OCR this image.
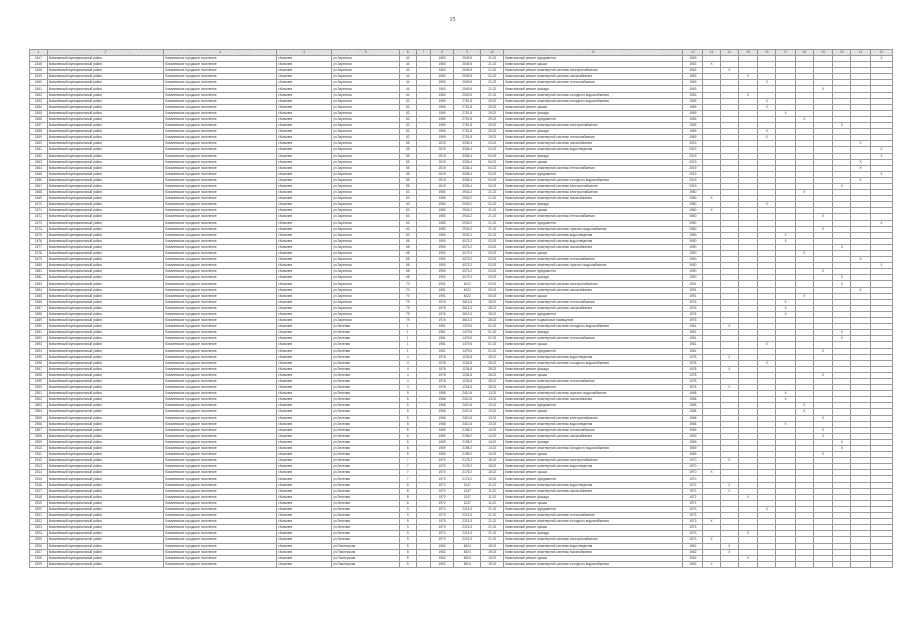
15
1	2	3	4	5	6	7	8	9	10	11	12	13	14	15	16	17	18	19	20	21	22
2447	Ковалевский муниципальный район	Ковалевское городское поселение	г.Ковалев	ул.Заречная	44		1963	2549.5	21.02	Капитальный ремонт фундамента	1963										X
2446	Ковалевский муниципальный район	Ковалевское городское поселение	г.Ковалев	ул.Заречная	44		1963	2549.5	21.02	Капитальный ремонт крыши	1963	X									
2448	Ковалевский муниципальный район	Ковалевское городское поселение	г.Ковалев	ул.Заречная	44		1963	2549.5	21.02	Капитальный ремонт инженерной системы электроснабжения	1963		X								
2449	Ковалевский муниципальный район	Ковалевское городское поселение	г.Ковалев	ул.Заречная	44		1963	2549.5	21.02	Капитальный ремонт инженерной системы газоснабжения	1963			X							
2450	Ковалевский муниципальный район	Ковалевское городское поселение	г.Ковалев	ул.Заречная	44		1963	2549.5	21.02	Капитальный ремонт инженерной системы теплоснабжения	1963				X						
2451	Ковалевский муниципальный район	Ковалевское городское поселение	г.Ковалев	ул.Заречная	44		1963	2549.5	21.02	Капитальный ремонт фасада	1963							X			
2452	Ковалевский муниципальный район	Ковалевское городское поселение	г.Ковалев	ул.Заречная	44		1963	2549.5	21.02	Капитальный ремонт инженерной системы холодного водоснабжения	1963			X							
2453	Ковалевский муниципальный район	Ковалевское городское поселение	г.Ковалев	ул.Заречная	52		1969	2751.8	29.02	Капитальный ремонт инженерной системы холодного водоснабжения	1969				X						
2454	Ковалевский муниципальный район	Ковалевское городское поселение	г.Ковалев	ул.Заречная	52		1969	2751.8	29.02	Капитальный ремонт крыши	1969				X						
2455	Ковалевский муниципальный район	Ковалевское городское поселение	г.Ковалев	ул.Заречная	52		1969	2751.8	29.02	Капитальный ремонт фасада	1969					X					
2456	Ковалевский муниципальный район	Ковалевское городское поселение	г.Ковалев	ул.Заречная	52		1969	2751.8	29.02	Капитальный ремонт фундамента	1969						X				
2457	Ковалевский муниципальный район	Ковалевское городское поселение	г.Ковалев	ул.Заречная	52		1969	2751.8	29.02	Капитальный ремонт инженерной системы электроснабжения	1969								X		
2458	Ковалевский муниципальный район	Ковалевское городское поселение	г.Ковалев	ул.Заречная	52		1969	2751.8	29.02	Капитальный ремонт фасада	1969				X						
2459	Ковалевский муниципальный район	Ковалевское городское поселение	г.Ковалев	ул.Заречная	52		1969	2751.8	29.02	Капитальный ремонт инженерной системы теплоснабжения	1969				X						
2460	Ковалевский муниципальный район	Ковалевское городское поселение	г.Ковалев	ул.Заречная	55		2019	3336.4	04.02	Капитальный ремонт инженерной системы газоснабжения	2019									X	
2461	Ковалевский муниципальный район	Ковалевское городское поселение	г.Ковалев	ул.Заречная	55		2019	3336.4	04.02	Капитальный ремонт инженерной системы водоотведения	2019										X
2462	Ковалевский муниципальный район	Ковалевское городское поселение	г.Ковалев	ул.Заречная	55		2019	3336.4	04.02	Капитальный ремонт фасада	2019										X
2463	Ковалевский муниципальный район	Ковалевское городское поселение	г.Ковалев	ул.Заречная	55		2019	3336.4	04.02	Капитальный ремонт крыши	2019									X	
2464	Ковалевский муниципальный район	Ковалевское городское поселение	г.Ковалев	ул.Заречная	55		2019	3336.4	04.02	Капитальный ремонт инженерной системы теплоснабжения	2019									X	
2465	Ковалевский муниципальный район	Ковалевское городское поселение	г.Ковалев	ул.Заречная	55		2019	3336.4	04.02	Капитальный ремонт фундамента	2019										X
2466	Ковалевский муниципальный район	Ковалевское городское поселение	г.Ковалев	ул.Заречная	55		2019	3336.4	04.02	Капитальный ремонт инженерной системы холодного водоснабжения	2019									X	
2467	Ковалевский муниципальный район	Ковалевское городское поселение	г.Ковалев	ул.Заречная	55		2019	3336.4	04.02	Капитальный ремонт инженерной системы электроснабжения	2019								X		
2468	Ковалевский муниципальный район	Ковалевское городское поселение	г.Ковалев	ул.Заречная	63		1980	2943.2	21.02	Капитальный ремонт инженерной системы электроснабжения	1980						X				
2469	Ковалевский муниципальный район	Ковалевское городское поселение	г.Ковалев	ул.Заречная	63		1980	2943.2	21.02	Капитальный ремонт инженерной системы газоснабжения	1980	X									
2470	Ковалевский муниципальный район	Ковалевское городское поселение	г.Ковалев	ул.Заречная	63		1980	2943.2	21.02	Капитальный ремонт фасада	1980				X						
2471	Ковалевский муниципальный район	Ковалевское городское поселение	г.Ковалев	ул.Заречная	63		1980	2943.2	21.02	Капитальный ремонт крыши	1980	X									
2472	Ковалевский муниципальный район	Ковалевское городское поселение	г.Ковалев	ул.Заречная	63		1980	2943.2	21.02	Капитальный ремонт инженерной системы теплоснабжения	1980							X			
2473	Ковалевский муниципальный район	Ковалевское городское поселение	г.Ковалев	ул.Заречная	63		1980	2943.2	21.02	Капитальный ремонт фундамента	1980										X
2474	Ковалевский муниципальный район	Ковалевское городское поселение	г.Ковалев	ул.Заречная	63		1980	2943.2	21.02	Капитальный ремонт инженерной системы горячего водоснабжения	1980							X			
2475	Ковалевский муниципальный район	Ковалевское городское поселение	г.Ковалев	ул.Заречная	63		1980	2943.2	21.02	Капитальный ремонт инженерной системы водоотведения	1980					X					
2476	Ковалевский муниципальный район	Ковалевское городское поселение	г.Ковалев	ул.Заречная	68		1990	4073.2	03.02	Капитальный ремонт инженерной системы водоотведения	1990					X					
2477	Ковалевский муниципальный район	Ковалевское городское поселение	г.Ковалев	ул.Заречная	68		1990	4073.2	03.02	Капитальный ремонт инженерной системы газоснабжения	1990								X		
2478	Ковалевский муниципальный район	Ковалевское городское поселение	г.Ковалев	ул.Заречная	68		1990	4073.2	03.02	Капитальный ремонт крыши	1990						X				
2479	Ковалевский муниципальный район	Ковалевское городское поселение	г.Ковалев	ул.Заречная	68		1990	4073.2	03.02	Капитальный ремонт инженерной системы теплоснабжения	1990									X	
2480	Ковалевский муниципальный район	Ковалевское городское поселение	г.Ковалев	ул.Заречная	68		1990	4073.2	03.02	Капитальный ремонт инженерной системы горячего водоснабжения	1990										X
2481	Ковалевский муниципальный район	Ковалевское городское поселение	г.Ковалев	ул.Заречная	68		1990	4073.2	03.02	Капитальный ремонт фундамента	1990							X			
2482	Ковалевский муниципальный район	Ковалевское городское поселение	г.Ковалев	ул.Заречная	68		1990	4073.2	03.02	Капитальный ремонт фасада	1990								X		
2483	Ковалевский муниципальный район	Ковалевское городское поселение	г.Ковалев	ул.Заречная	70		1991	4022	03.02	Капитальный ремонт инженерной системы электроснабжения	1991								X		
2484	Ковалевский муниципальный район	Ковалевское городское поселение	г.Ковалев	ул.Заречная	70		1991	4022	03.02	Капитальный ремонт инженерной системы газоснабжения	1991									X	
2485	Ковалевский муниципальный район	Ковалевское городское поселение	г.Ковалев	ул.Заречная	70		1991	4022	03.02	Капитальный ремонт крыши	1991						X				
2486	Ковалевский муниципальный район	Ковалевское городское поселение	г.Ковалев	ул.Заречная	79		1976	3613.3	28.02	Капитальный ремонт инженерной системы теплоснабжения	1976					X					
2487	Ковалевский муниципальный район	Ковалевское городское поселение	г.Ковалев	ул.Заречная	79		1976	3613.3	28.02	Капитальный ремонт инженерной системы газоснабжения	1976					X					
2488	Ковалевский муниципальный район	Ковалевское городское поселение	г.Ковалев	ул.Заречная	79		1976	3613.3	28.02	Капитальный ремонт фундамента	1976					X					
2489	Ковалевский муниципальный район	Ковалевское городское поселение	г.Ковалев	ул.Заречная	79		1976	3613.3	28.02	Капитальный ремонт подвальных помещений	1976										
2490	Ковалевский муниципальный район	Ковалевское городское поселение	г.Ковалев	ул.Зеленая	1		1961	1479.6	01.02	Капитальный ремонт инженерной системы холодного водоснабжения	1961		X								
2491	Ковалевский муниципальный район	Ковалевское городское поселение	г.Ковалев	ул.Зеленая	1		1961	1479.6	01.02	Капитальный ремонт фасада	1961								X		
2492	Ковалевский муниципальный район	Ковалевское городское поселение	г.Ковалев	ул.Зеленая	1		1961	1479.6	01.02	Капитальный ремонт инженерной системы теплоснабжения	1961								X		
2493	Ковалевский муниципальный район	Ковалевское городское поселение	г.Ковалев	ул.Зеленая	1		1961	1479.6	01.02	Капитальный ремонт крыши	1961				X						
2494	Ковалевский муниципальный район	Ковалевское городское поселение	г.Ковалев	ул.Зеленая	1		1961	1479.6	01.02	Капитальный ремонт фундамента	1961							X			
2495	Ковалевский муниципальный район	Ковалевское городское поселение	г.Ковалев	ул.Зеленая	4		1978	1234.8	28.02	Капитальный ремонт инженерной системы водоотведения	1978		X								
2496	Ковалевский муниципальный район	Ковалевское городское поселение	г.Ковалев	ул.Зеленая	4		1978	1234.8	28.02	Капитальный ремонт инженерной системы холодного водоснабжения	1978				X						
2497	Ковалевский муниципальный район	Ковалевское городское поселение	г.Ковалев	ул.Зеленая	4		1978	1234.8	28.02	Капитальный ремонт фасада	1978		X								
2498	Ковалевский муниципальный район	Ковалевское городское поселение	г.Ковалев	ул.Зеленая	4		1978	1234.8	28.02	Капитальный ремонт крыши	1978							X			
2499	Ковалевский муниципальный район	Ковалевское городское поселение	г.Ковалев	ул.Зеленая	4		1978	1234.8	28.02	Капитальный ремонт инженерной системы теплоснабжения	1978										
2500	Ковалевский муниципальный район	Ковалевское городское поселение	г.Ковалев	ул.Зеленая	4		1978	1234.8	28.02	Капитальный ремонт фундамента	1978		X								
2501	Ковалевский муниципальный район	Ковалевское городское поселение	г.Ковалев	ул.Зеленая	5		1968	2410.6	13.02	Капитальный ремонт инженерной системы горячего водоснабжения	1968					X					
2502	Ковалевский муниципальный район	Ковалевское городское поселение	г.Ковалев	ул.Зеленая	5		1968	2410.6	13.02	Капитальный ремонт инженерной системы газоснабжения	1968					X					
2503	Ковалевский муниципальный район	Ковалевское городское поселение	г.Ковалев	ул.Зеленая	5		1968	2410.6	13.02	Капитальный ремонт фундамента	1968						X				
2504	Ковалевский муниципальный район	Ковалевское городское поселение	г.Ковалев	ул.Зеленая	5		1968	2410.6	13.02	Капитальный ремонт крыши	1968						X				
2505	Ковалевский муниципальный район	Ковалевское городское поселение	г.Ковалев	ул.Зеленая	5		1968	2410.6	13.02	Капитальный ремонт инженерной системы электроснабжения	1968							X			
2506	Ковалевский муниципальный район	Ковалевское городское поселение	г.Ковалев	ул.Зеленая	5		1968	2410.6	13.02	Капитальный ремонт инженерной системы водоотведения	1968					X					
2507	Ковалевский муниципальный район	Ковалевское городское поселение	г.Ковалев	ул.Зеленая	6		1969	2198.2	14.02	Капитальный ремонт инженерной системы теплоснабжения	1969							X			
2508	Ковалевский муниципальный район	Ковалевское городское поселение	г.Ковалев	ул.Зеленая	6		1969	2198.2	14.02	Капитальный ремонт инженерной системы газоснабжения	1969							X			
2509	Ковалевский муниципальный район	Ковалевское городское поселение	г.Ковалев	ул.Зеленая	6		1969	2198.2	14.02	Капитальный ремонт фасада	1969								X		
2510	Ковалевский муниципальный район	Ковалевское городское поселение	г.Ковалев	ул.Зеленая	6		1969	2198.2	14.02	Капитальный ремонт инженерной системы холодного водоснабжения	1969								X		
2511	Ковалевский муниципальный район	Ковалевское городское поселение	г.Ковалев	ул.Зеленая	6		1969	2198.2	14.02	Капитальный ремонт крыши	1969							X			
2512	Ковалевский муниципальный район	Ковалевское городское поселение	г.Ковалев	ул.Зеленая	7		1970	2175.2	15.02	Капитальный ремонт инженерной системы электроснабжения	1970		X								
2513	Ковалевский муниципальный район	Ковалевское городское поселение	г.Ковалев	ул.Зеленая	7		1970	2175.2	15.02	Капитальный ремонт инженерной системы водоотведения	1970										
2514	Ковалевский муниципальный район	Ковалевское городское поселение	г.Ковалев	ул.Зеленая	7		1970	2175.2	15.02	Капитальный ремонт крыши	1970	X									
2515	Ковалевский муниципальный район	Ковалевское городское поселение	г.Ковалев	ул.Зеленая	7		1970	2175.2	15.02	Капитальный ремонт фундамента	1970										
2516	Ковалевский муниципальный район	Ковалевское городское поселение	г.Ковалев	ул.Зеленая	8		1972	1247	11.02	Капитальный ремонт инженерной системы водоотведения	1972		X								
2517	Ковалевский муниципальный район	Ковалевское городское поселение	г.Ковалев	ул.Зеленая	8		1972	1247	11.02	Капитальный ремонт инженерной системы газоснабжения	1972		X								
2518	Ковалевский муниципальный район	Ковалевское городское поселение	г.Ковалев	ул.Зеленая	8		1972	1247	11.02	Капитальный ремонт фасада	1972			X							
2519	Ковалевский муниципальный район	Ковалевское городское поселение	г.Ковалев	ул.Зеленая	8		1972	1247	11.02	Капитальный ремонт крыши	1972										
2520	Ковалевский муниципальный район	Ковалевское городское поселение	г.Ковалев	ул.Зеленая	9		1973	2215.3	21.02	Капитальный ремонт фундамента	1973				X						
2521	Ковалевский муниципальный район	Ковалевское городское поселение	г.Ковалев	ул.Зеленая	9		1973	2215.3	21.02	Капитальный ремонт инженерной системы теплоснабжения	1973										
2522	Ковалевский муниципальный район	Ковалевское городское поселение	г.Ковалев	ул.Зеленая	9		1973	2215.3	21.02	Капитальный ремонт инженерной системы холодного водоснабжения	1973	X									
2523	Ковалевский муниципальный район	Ковалевское городское поселение	г.Ковалев	ул.Зеленая	9		1973	2215.3	21.02	Капитальный ремонт крыши	1973										
2524	Ковалевский муниципальный район	Ковалевское городское поселение	г.Ковалев	ул.Зеленая	9		1973	2215.3	21.02	Капитальный ремонт фасада	1973			X							
2525	Ковалевский муниципальный район	Ковалевское городское поселение	г.Ковалев	ул.Зеленая	9		1973	2215.3	21.02	Капитальный ремонт инженерной системы электроснабжения	1973	X									
2526	Ковалевский муниципальный район	Ковалевское городское поселение	г.Ковалев	ул.Пионерская	5		1962	4824	19.02	Капитальный ремонт инженерной системы водоотведения	1962		X								
2527	Ковалевский муниципальный район	Ковалевское городское поселение	г.Ковалев	ул.Пионерская	5		1962	4824	19.02	Капитальный ремонт инженерной системы газоснабжения	1962		X								
2528	Ковалевский муниципальный район	Ковалевское городское поселение	г.Ковалев	ул.Пионерская	5		1962	4824	19.02	Капитальный ремонт крыши	1962			X							
2529	Ковалевский муниципальный район	Ковалевское городское поселение	г.Ковалев	ул.Пионерская	5		1962	4824	19.02	Капитальный ремонт инженерной системы холодного водоснабжения	1962	X									
